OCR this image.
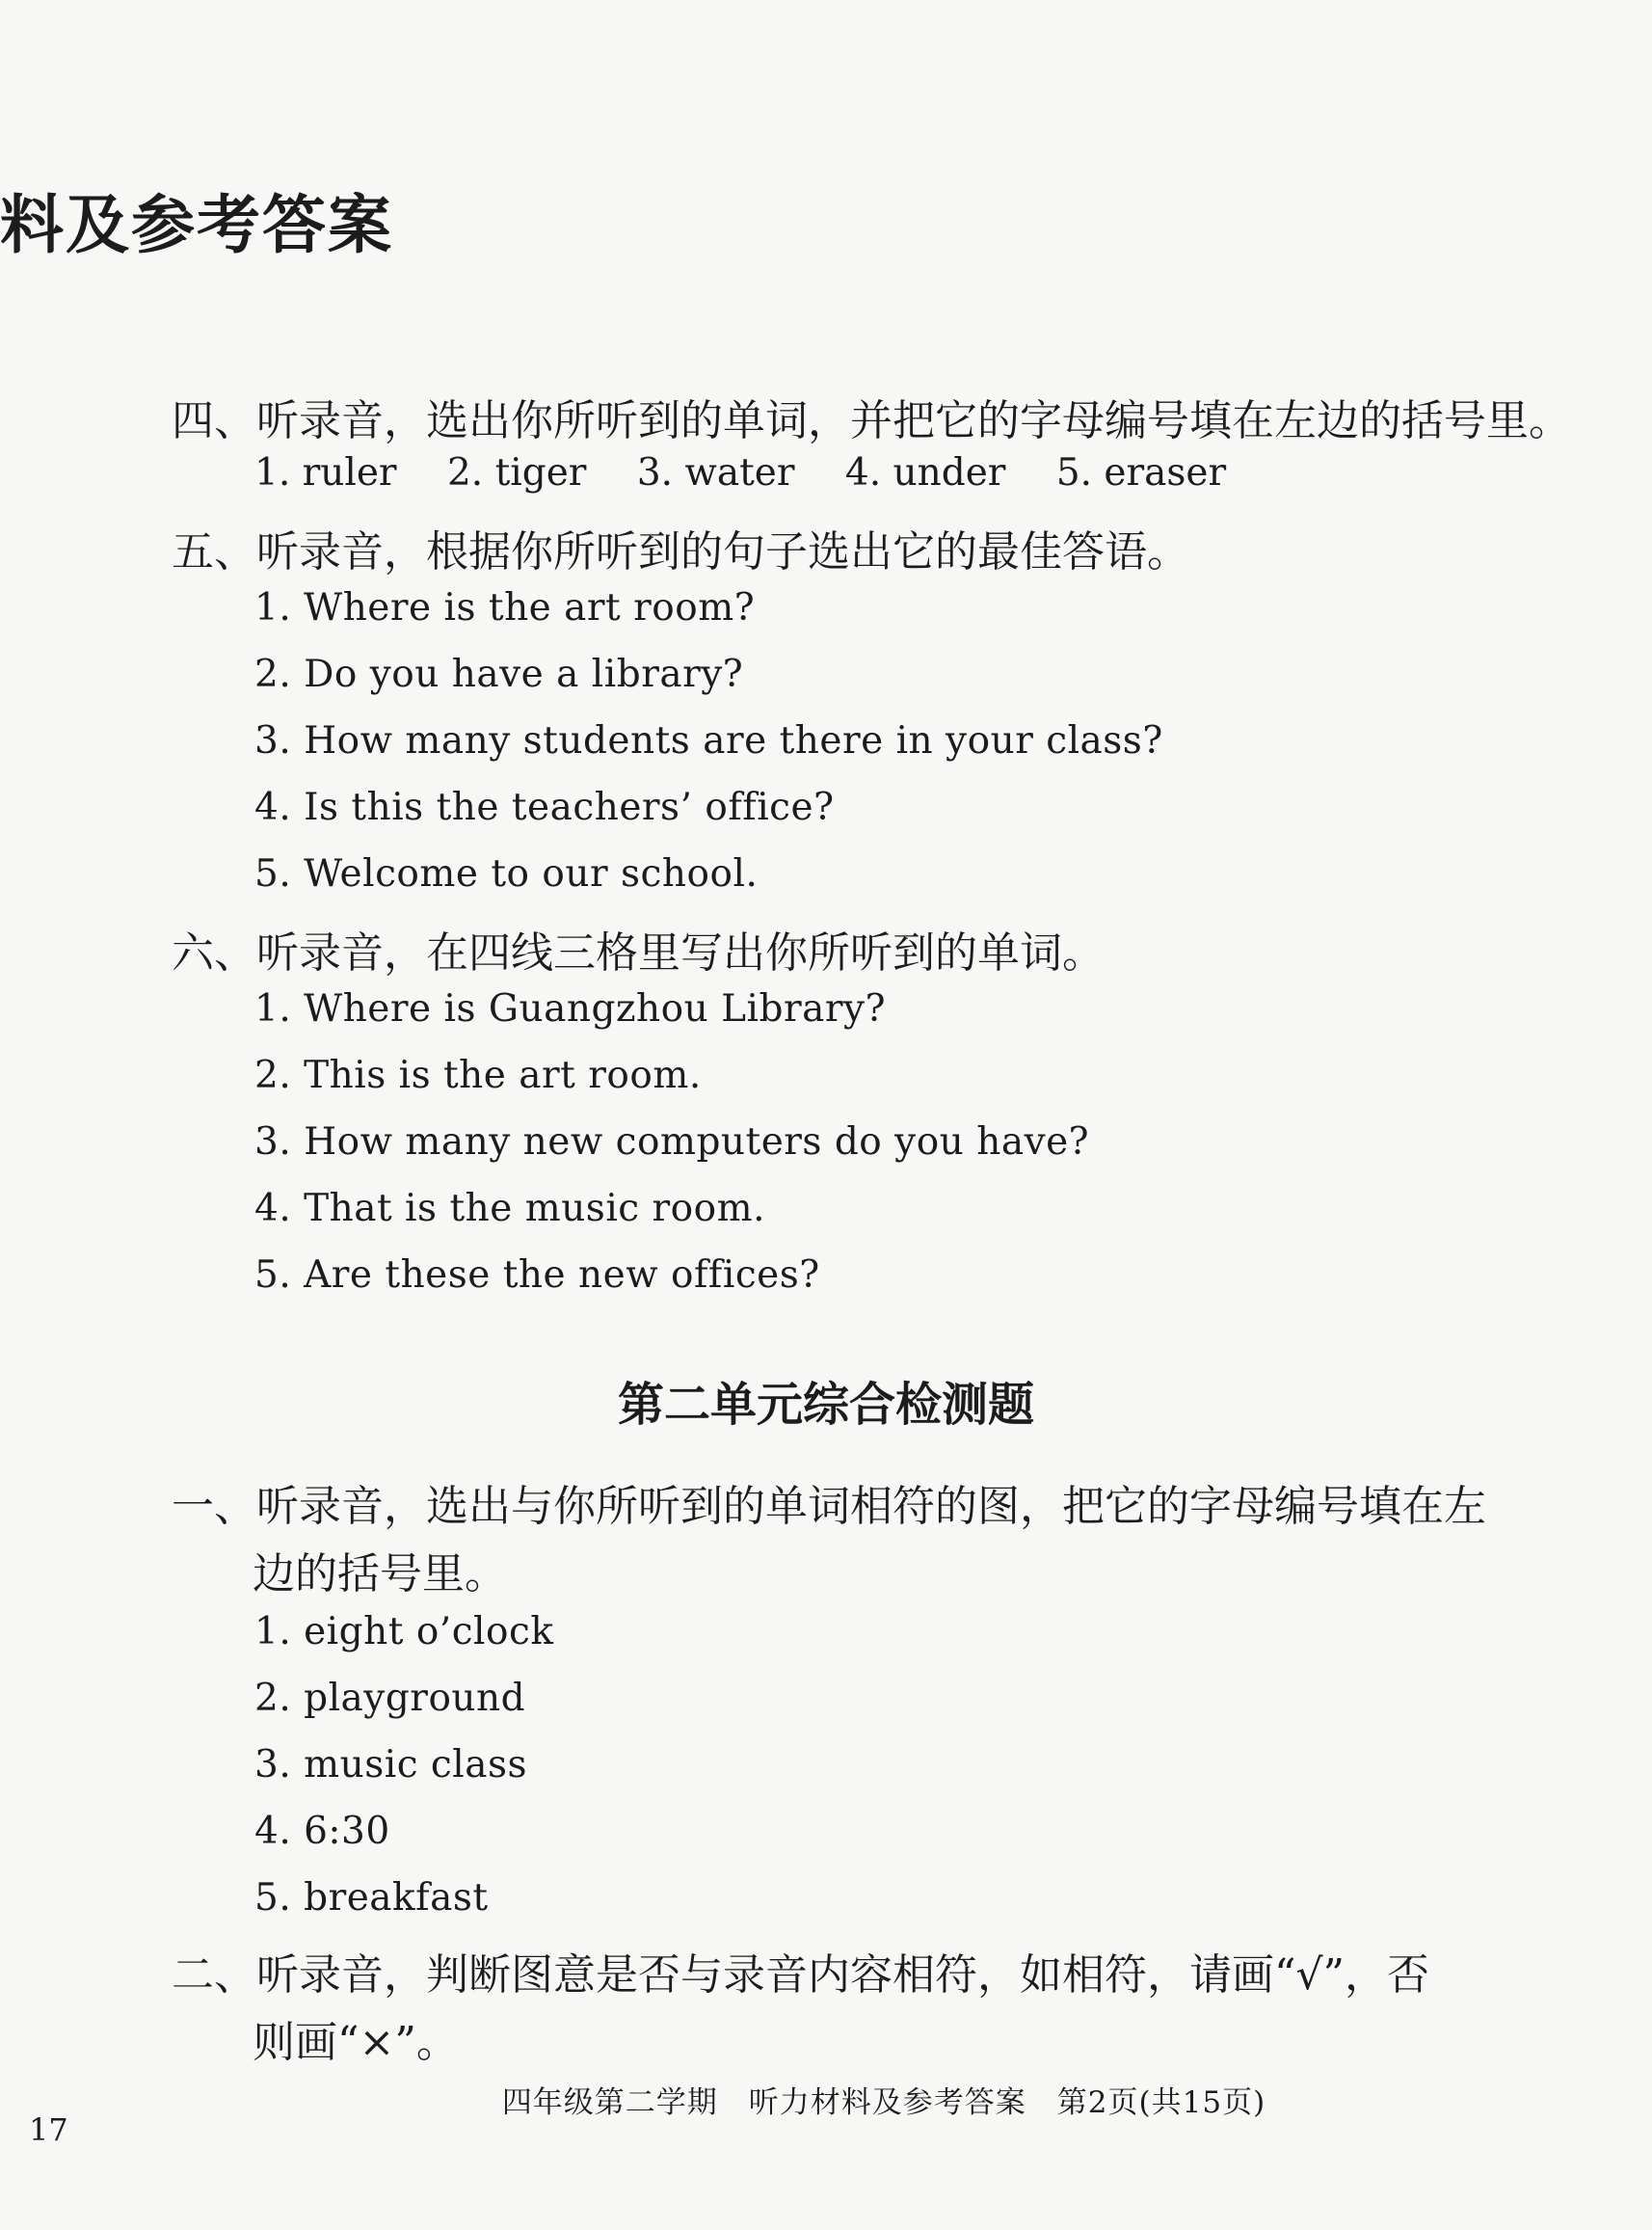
料及参考答案
四、听录音，选出你所听到的单词，并把它的字母编号填在左边的括号里。
1. ruler 2. tiger 3. water 4. under 5. eraser
五、听录音，根据你所听到的句子选出它的最佳答语。
1. Where is the art room?
2. Do you have a library?
3. How many students are there in your class?
4. Is this the teachers’ office?
5. Welcome to our school.
六、听录音，在四线三格里写出你所听到的单词。
1. Where is Guangzhou Library?
2. This is the art room.
3. How many new computers do you have?
4. That is the music room.
5. Are these the new offices?
第二单元综合检测题
一、听录音，选出与你所听到的单词相符的图，把它的字母编号填在左
边的括号里。
1. eight o’clock
2. playground
3. music class
4. 6:30
5. breakfast
二、听录音，判断图意是否与录音内容相符，如相符，请画“√”，否
则画“×”。
四年级第二学期　听力材料及参考答案　第2页(共15页)
17
